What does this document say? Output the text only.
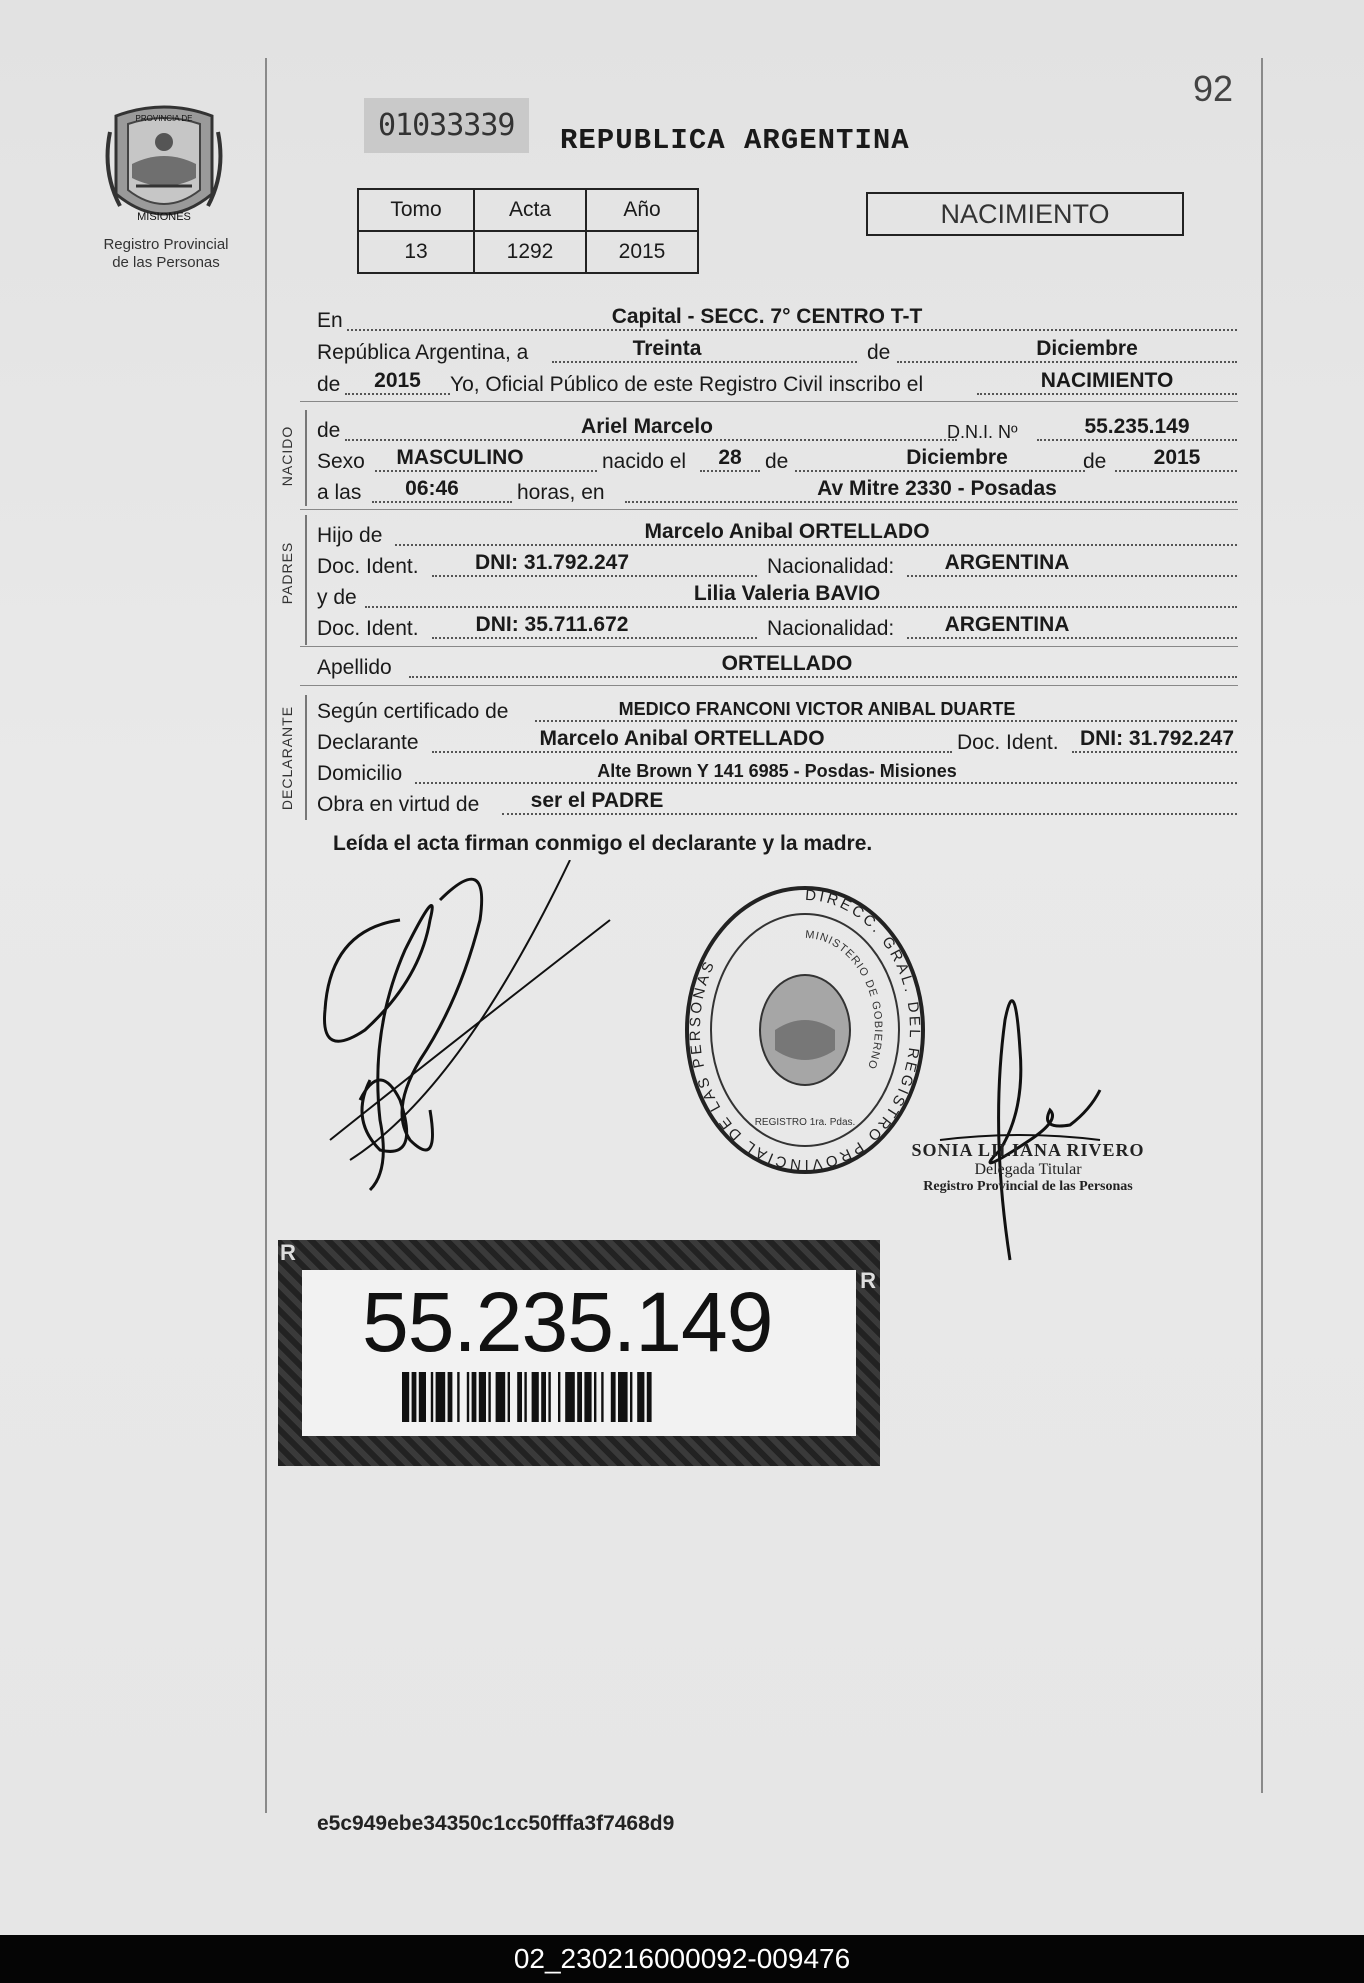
92
PROVINCIA DE
MISIONES
Registro Provincial
de las Personas
01033339	REPUBLICA ARGENTINA
Tomo	Acta	Año
13	1292	2015
NACIMIENTO
En	Capital - SECC. 7° CENTRO T-T
República Argentina, a	Treinta	de	Diciembre
de	2015	Yo, Oficial Público de este Registro Civil inscribo el	NACIMIENTO
NACIDO de	Ariel Marcelo	D.N.I. Nº	55.235.149
Sexo	MASCULINO	nacido el	28	de	Diciembre	de	2015
a las	06:46	horas, en	Av Mitre 2330 - Posadas
PADRES
Hijo de	Marcelo Anibal ORTELLADO
Doc. Ident.	DNI: 31.792.247	Nacionalidad:	ARGENTINA
y de	Lilia Valeria BAVIO
Doc. Ident.	DNI: 35.711.672	Nacionalidad:	ARGENTINA
Apellido	ORTELLADO
DECLARANTE Según certificado de	MEDICO FRANCONI VICTOR ANIBAL DUARTE
Declarante	Marcelo Anibal ORTELLADO	Doc. Ident.	DNI: 31.792.247
Domicilio	Alte Brown Y 141 6985 - Posdas- Misiones
Obra en virtud de	ser el PADRE
Leída el acta firman conmigo el declarante y la madre.
DIRECC. GRAL. DEL REGISTRO PROVINCIAL DE LAS PERSONAS
MINISTERIO DE GOBIERNO
REGISTRO 1ra. Pdas.
SONIA LILIANA RIVERO
Delegada Titular
Registro Provincial de las Personas
55.235.149
R
R
e5c949ebe34350c1cc50fffa3f7468d9
02_230216000092-009476
